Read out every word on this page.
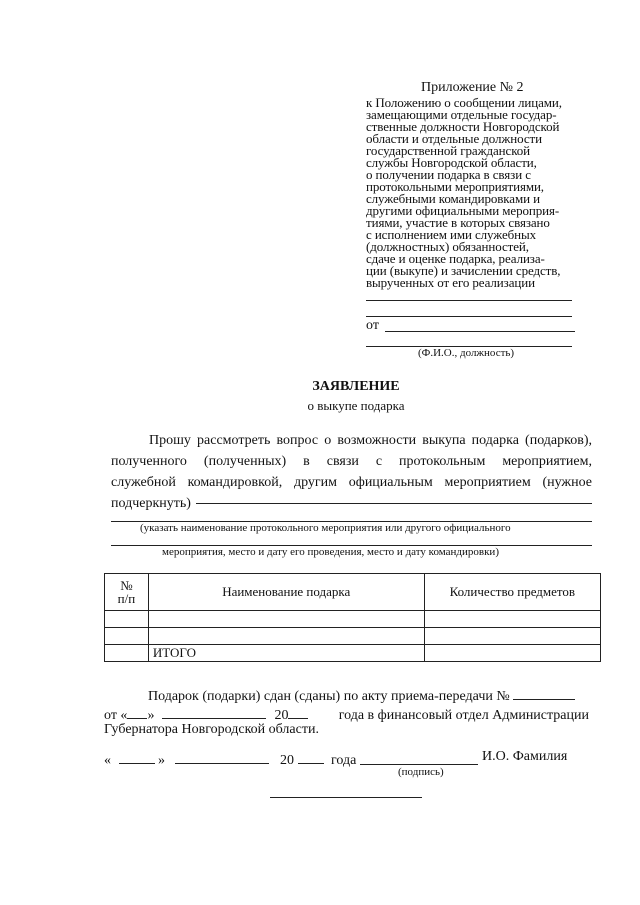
Приложение № 2
к Положению о сообщении лицами,
замещающими отдельные государ-
ственные должности Новгородской
области и отдельные должности
государственной гражданской
службы Новгородской области,
о получении подарка в связи с
протокольными мероприятиями,
служебными командировками и
другими официальными мероприя-
тиями, участие в которых связано
с исполнением ими служебных
(должностных) обязанностей,
сдаче и оценке подарка, реализа-
ции (выкупе) и зачислении средств,
вырученных от его реализации
от
(Ф.И.О., должность)
ЗАЯВЛЕНИЕ
о выкупе подарка
Прошу рассмотреть вопрос о возможности выкупа подарка (подарков),
полученного (полученных) в связи с протокольным мероприятием,
служебной командировкой, другим официальным мероприятием (нужное
подчеркнуть)
(указать наименование протокольного мероприятия или другого официального
мероприятия, место и дату его проведения, место и дату командировки)
№
п/п	Наименование подарка	Количество предметов

	ИТОГО	
Подарок (подарки) сдан (сданы) по акту приема-передачи №
от « »	20	года в финансовый отдел Администрации
Губернатора Новгородской области.
«	»	20	года
(подпись)
И.О. Фамилия
